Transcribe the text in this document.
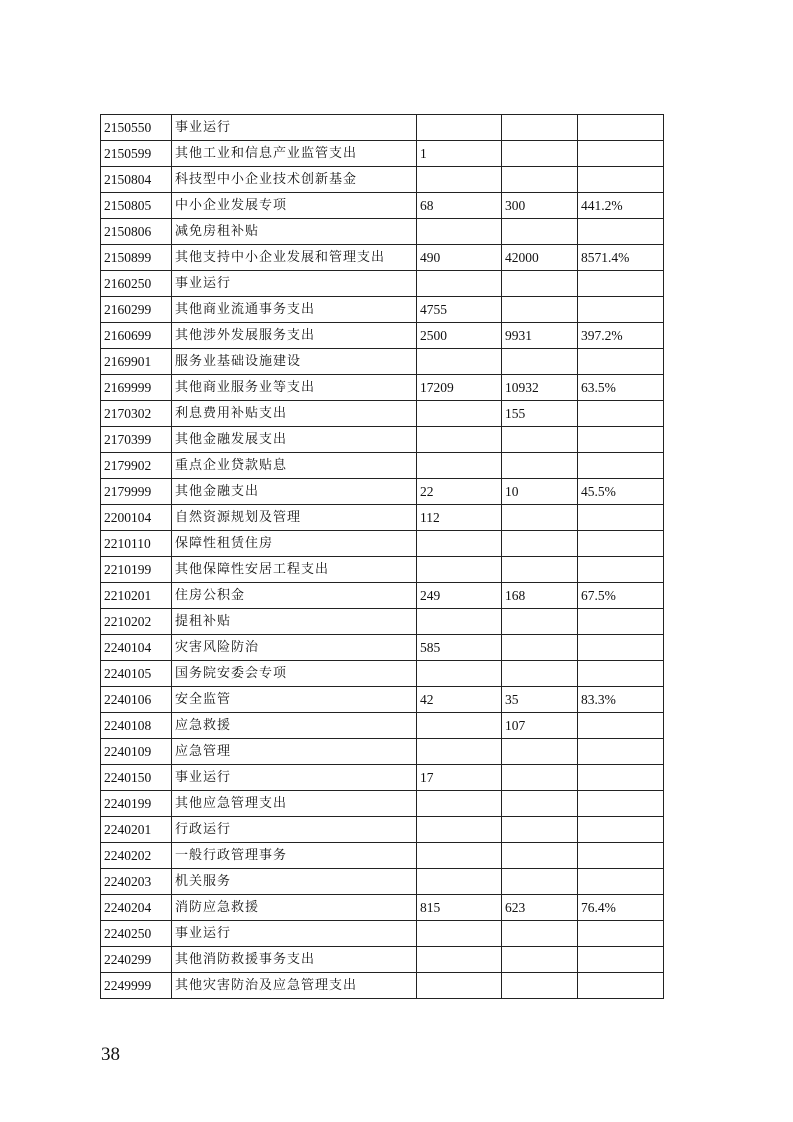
2150550	事业运行			
2150599	其他工业和信息产业监管支出	1		
2150804	科技型中小企业技术创新基金			
2150805	中小企业发展专项	68	300	441.2%
2150806	减免房租补贴			
2150899	其他支持中小企业发展和管理支出	490	42000	8571.4%
2160250	事业运行			
2160299	其他商业流通事务支出	4755		
2160699	其他涉外发展服务支出	2500	9931	397.2%
2169901	服务业基础设施建设			
2169999	其他商业服务业等支出	17209	10932	63.5%
2170302	利息费用补贴支出		155	
2170399	其他金融发展支出			
2179902	重点企业贷款贴息			
2179999	其他金融支出	22	10	45.5%
2200104	自然资源规划及管理	112		
2210110	保障性租赁住房			
2210199	其他保障性安居工程支出			
2210201	住房公积金	249	168	67.5%
2210202	提租补贴			
2240104	灾害风险防治	585		
2240105	国务院安委会专项			
2240106	安全监管	42	35	83.3%
2240108	应急救援		107	
2240109	应急管理			
2240150	事业运行	17		
2240199	其他应急管理支出			
2240201	行政运行			
2240202	一般行政管理事务			
2240203	机关服务			
2240204	消防应急救援	815	623	76.4%
2240250	事业运行			
2240299	其他消防救援事务支出			
2249999	其他灾害防治及应急管理支出			
38
